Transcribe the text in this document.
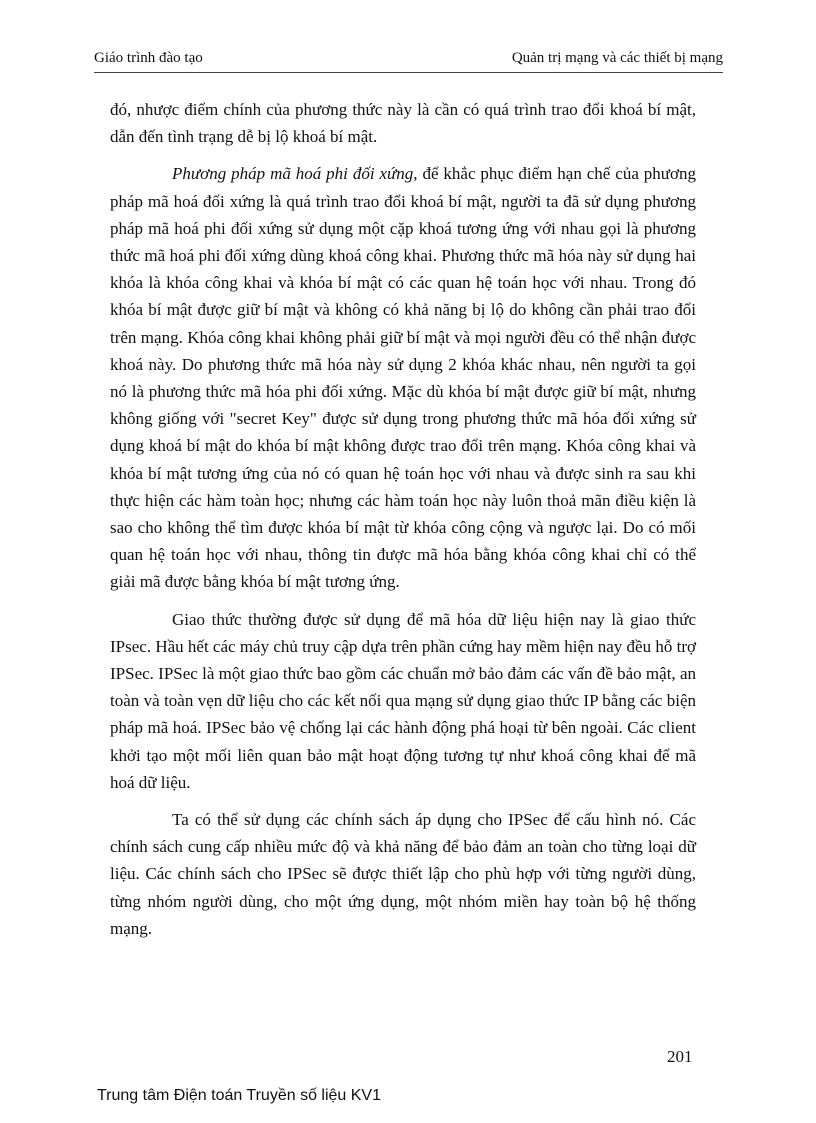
Giáo trình đào tạo	Quản trị mạng và các thiết bị mạng

đó, nhược điểm chính của phương thức này là cần có quá trình trao đổi khoá bí mật, dẫn đến tình trạng dễ bị lộ khoá bí mật.

Phương pháp mã hoá phi đối xứng, để khắc phục điểm hạn chế của phương pháp mã hoá đối xứng là quá trình trao đổi khoá bí mật, người ta đã sử dụng phương pháp mã hoá phi đối xứng sử dụng một cặp khoá tương ứng với nhau gọi là phương thức mã hoá phi đối xứng dùng khoá công khai. Phương thức mã hóa này sử dụng hai khóa là khóa công khai và khóa bí mật có các quan hệ toán học với nhau. Trong đó khóa bí mật được giữ bí mật và không có khả năng bị lộ do không cần phải trao đổi trên mạng. Khóa công khai không phải giữ bí mật và mọi người đều có thể nhận được khoá này. Do phương thức mã hóa này sử dụng 2 khóa khác nhau, nên người ta gọi nó là phương thức mã hóa phi đối xứng. Mặc dù khóa bí mật được giữ bí mật, nhưng không giống với "secret Key" được sử dụng trong phương thức mã hóa đối xứng sử dụng khoá bí mật do khóa bí mật không được trao đổi trên mạng. Khóa công khai và khóa bí mật tương ứng của nó có quan hệ toán học với nhau và được sinh ra sau khi thực hiện các hàm toàn học; nhưng các hàm toán học này luôn thoả mãn điều kiện là sao cho không thể tìm được khóa bí mật từ khóa công cộng và ngược lại. Do có mối quan hệ toán học với nhau, thông tin được mã hóa bằng khóa công khai chỉ có thể giải mã được bằng khóa bí mật tương ứng.

Giao thức thường được sử dụng để mã hóa dữ liệu hiện nay là giao thức IPsec. Hầu hết các máy chủ truy cập dựa trên phần cứng hay mềm hiện nay đều hỗ trợ IPSec. IPSec là một giao thức bao gồm các chuẩn mở bảo đảm các vấn đề bảo mật, an toàn và toàn vẹn dữ liệu cho các kết nối qua mạng sử dụng giao thức IP bằng các biện pháp mã hoá. IPSec bảo vệ chống lại các hành động phá hoại từ bên ngoài. Các client khởi tạo một mối liên quan bảo mật hoạt động tương tự như khoá công khai để mã hoá dữ liệu.

Ta có thể sử dụng các chính sách áp dụng cho IPSec để cấu hình nó. Các chính sách cung cấp nhiều mức độ và khả năng để bảo đảm an toàn cho từng loại dữ liệu. Các chính sách cho IPSec sẽ được thiết lập cho phù hợp với từng người dùng, từng nhóm người dùng, cho một ứng dụng, một nhóm miền hay toàn bộ hệ thống mạng.

201
Trung tâm Điện toán Truyền số liệu KV1
